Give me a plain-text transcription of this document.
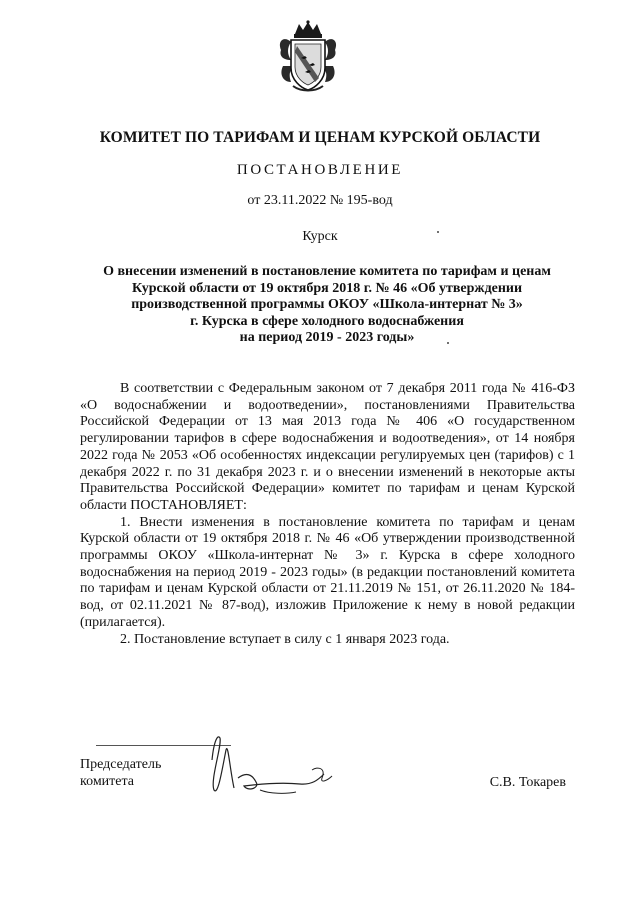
КОМИТЕТ ПО ТАРИФАМ И ЦЕНАМ КУРСКОЙ ОБЛАСТИ
ПОСТАНОВЛЕНИЕ
от 23.11.2022 № 195-вод
Курск
О внесении изменений в постановление комитета по тарифам и ценам
Курской области от 19 октября 2018 г. № 46 «Об утверждении
производственной программы ОКОУ «Школа-интернат № 3»
г. Курска в сфере холодного водоснабжения
на период 2019 - 2023 годы»

В соответствии с Федеральным законом от 7 декабря 2011 года № 416-ФЗ «О водоснабжении и водоотведении», постановлениями Правительства Российской Федерации от 13 мая 2013 года № 406 «О государственном регулировании тарифов в сфере водоснабжения и водоотведения», от 14 ноября 2022 года № 2053 «Об особенностях индексации регулируемых цен (тарифов) с 1 декабря 2022 г. по 31 декабря 2023 г. и о внесении изменений в некоторые акты Правительства Российской Федерации» комитет по тарифам и ценам Курской области ПОСТАНОВЛЯЕТ:

1. Внести изменения в постановление комитета по тарифам и ценам Курской области от 19 октября 2018 г. № 46 «Об утверждении производственной программы ОКОУ «Школа-интернат № 3» г. Курска в сфере холодного водоснабжения на период 2019 - 2023 годы» (в редакции постановлений комитета по тарифам и ценам Курской области от 21.11.2019 № 151, от 26.11.2020 № 184-вод, от 02.11.2021 № 87-вод), изложив Приложение к нему в новой редакции (прилагается).

2. Постановление вступает в силу с 1 января 2023 года.

Председатель
комитета	С.В. Токарев
